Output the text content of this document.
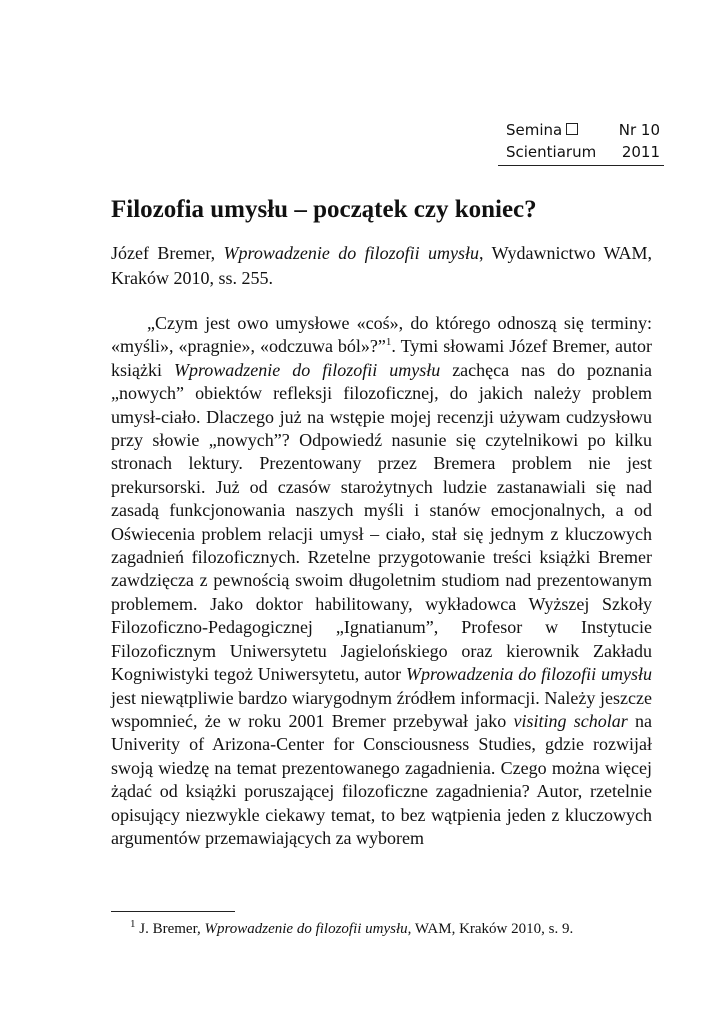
Semina	Nr 10
Scientiarum 2011
Filozofia umysłu – początek czy koniec?

Józef Bremer, Wprowadzenie do filozofii umysłu, Wydawnictwo WAM, Kraków 2010, ss. 255.

„Czym jest owo umysłowe «coś», do którego odnoszą się terminy: «myśli», «pragnie», «odczuwa ból»?”$^1$. Tymi słowami Józef Bremer, autor książki Wprowadzenie do filozofii umysłu zachęca nas do poznania „nowych” obiektów refleksji filozoficznej, do jakich należy problem umysł-ciało. Dlaczego już na wstępie mojej recenzji używam cudzysłowu przy słowie „nowych”? Odpowiedź nasunie się czytelnikowi po kilku stronach lektury. Prezentowany przez Bremera problem nie jest prekursorski. Już od czasów starożytnych ludzie zastanawiali się nad zasadą funkcjonowania naszych myśli i stanów emocjonalnych, a od Oświecenia problem relacji umysł – ciało, stał się jednym z kluczowych zagadnień filozoficznych. Rzetelne przygotowanie treści książki Bremer zawdzięcza z pewnością swoim długoletnim studiom nad prezentowanym problemem. Jako doktor habilitowany, wykładowca Wyższej Szkoły Filozoficzno-Pedagogicznej „Ignatianum”, Profesor w Instytucie Filozoficznym Uniwersytetu Jagielońskiego oraz kierownik Zakładu Kogniwistyki tegoż Uniwersytetu, autor Wprowadzenia do filozofii umysłu jest niewątpliwie bardzo wiarygodnym źródłem informacji. Należy jeszcze wspomnieć, że w roku 2001 Bremer przebywał jako visiting scholar na Univerity of Arizona-Center for Consciousness Studies, gdzie rozwijał swoją wiedzę na temat prezentowanego zagadnienia. Czego można więcej żądać od książki poruszającej filozoficzne zagadnienia? Autor, rzetelnie opisujący niezwykle ciekawy temat, to bez wątpienia jeden z kluczowych argumentów przemawiających za wyborem

$^1$ J. Bremer, Wprowadzenie do filozofii umysłu, WAM, Kraków 2010, s. 9.
